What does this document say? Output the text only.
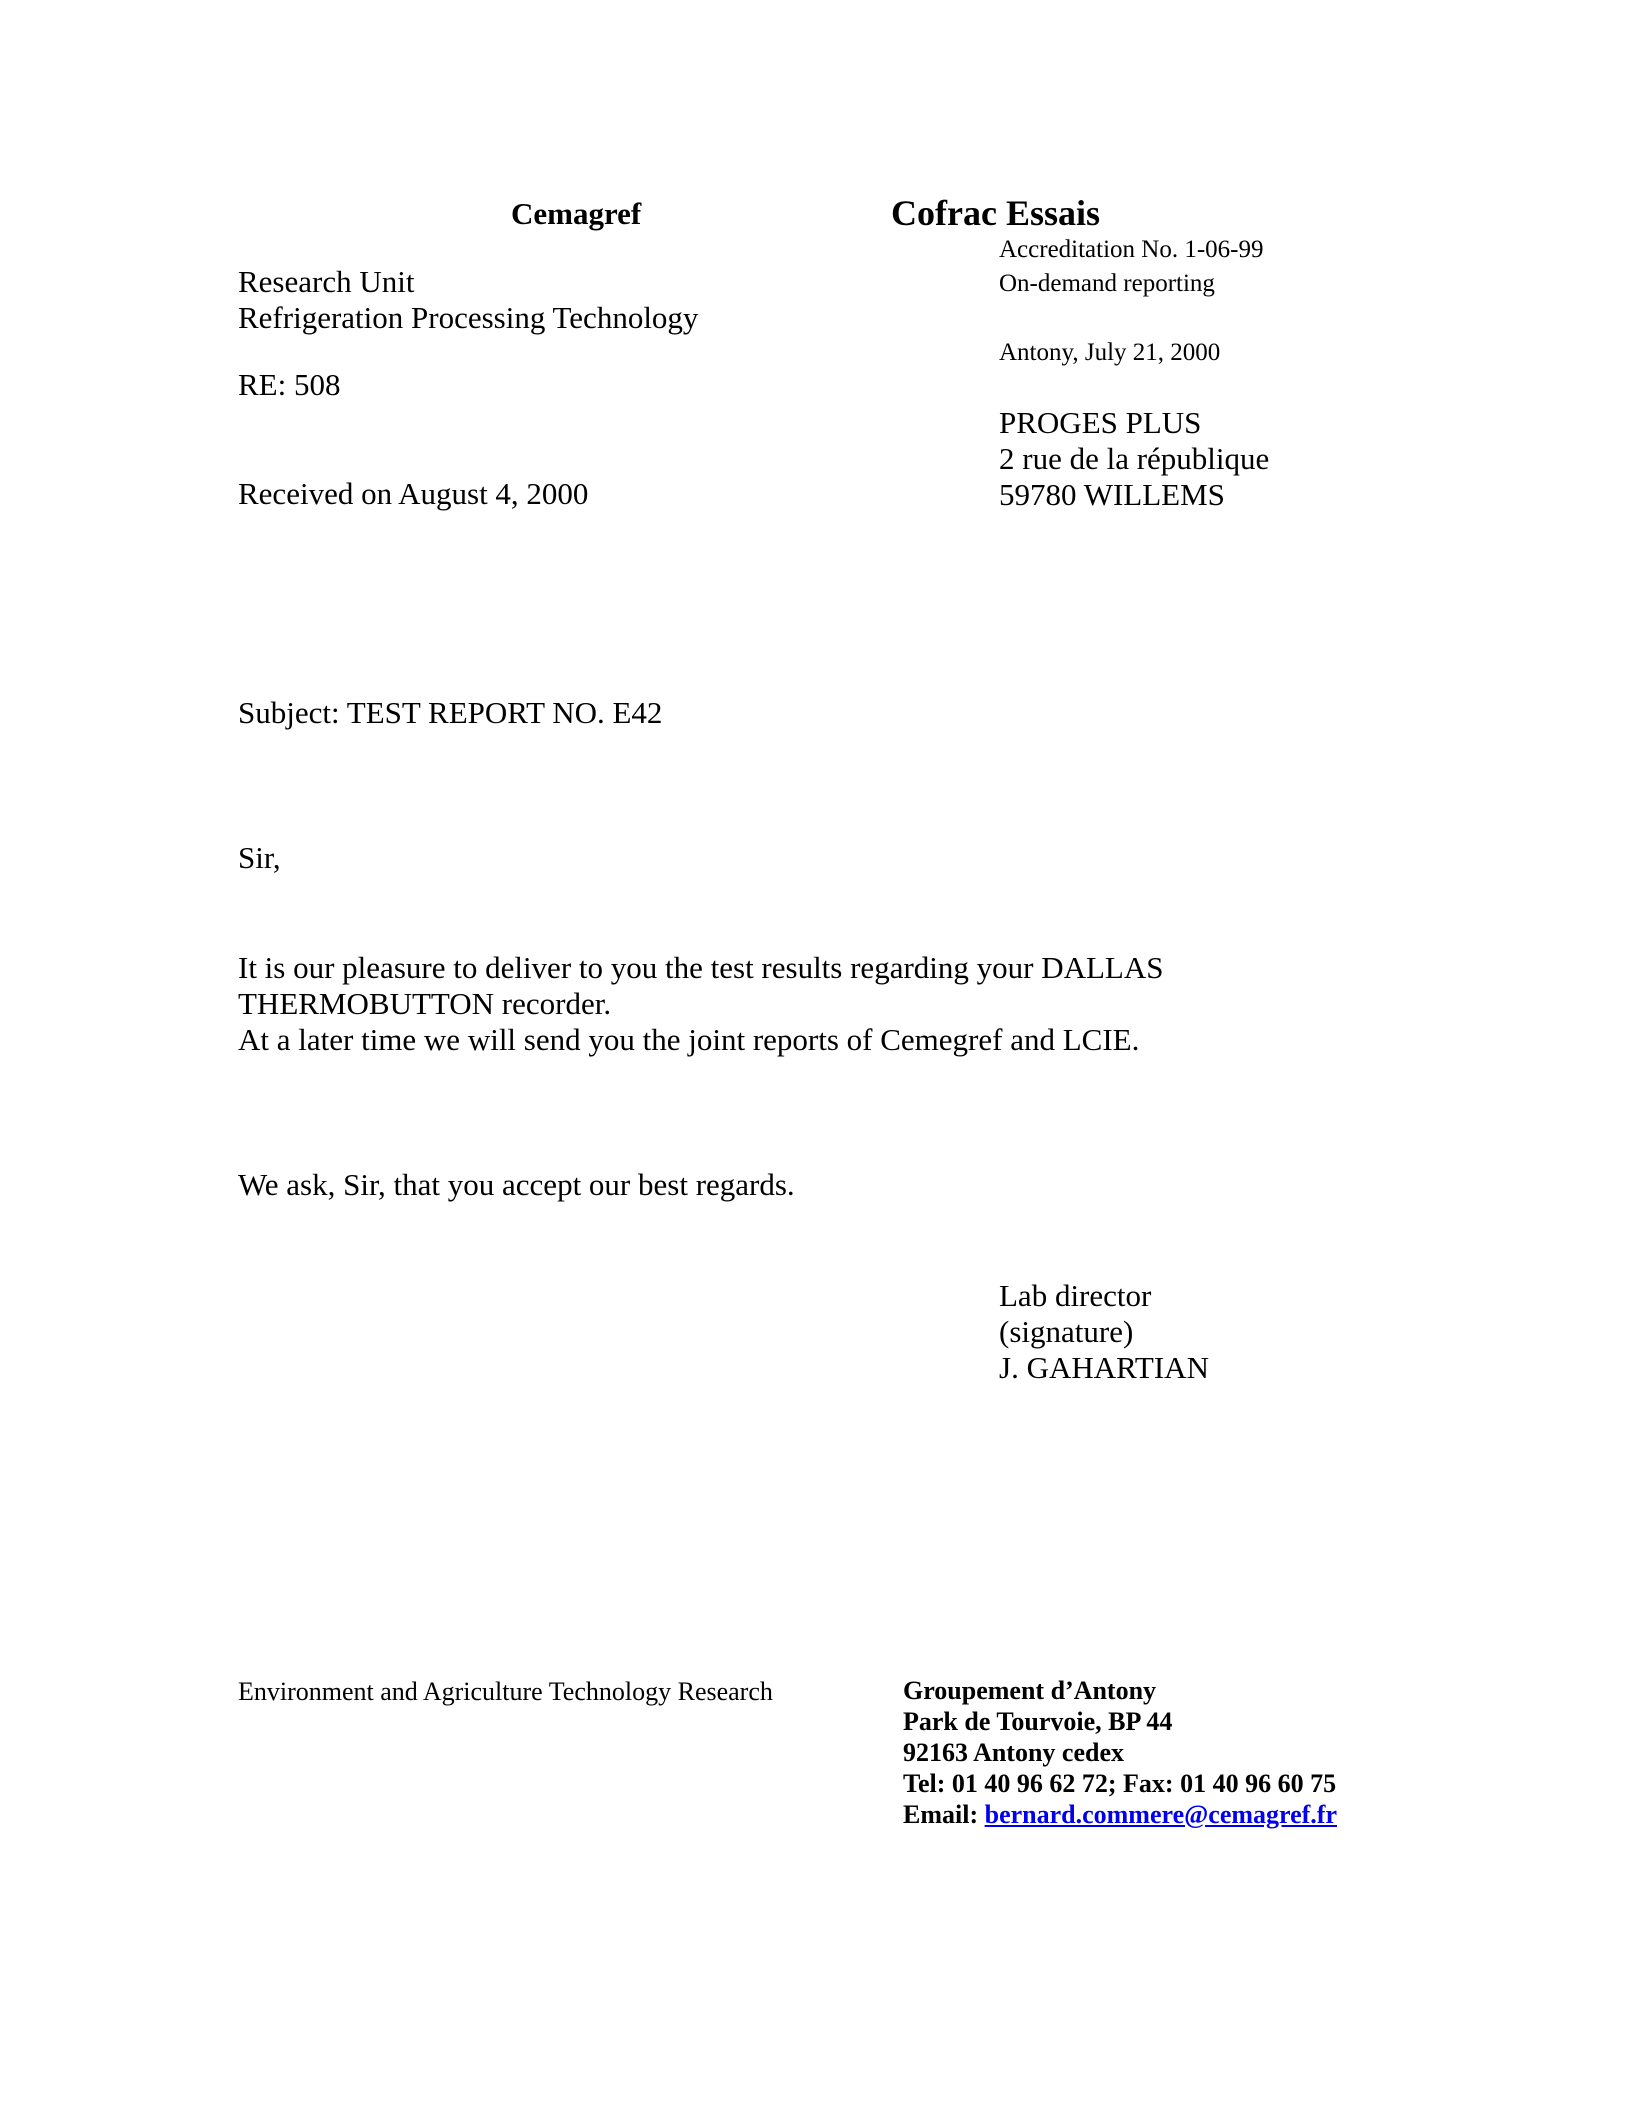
Cemagref
Research Unit
Refrigeration Processing Technology
RE: 508
Received on August 4, 2000
Cofrac Essais
Accreditation No. 1-06-99
On-demand reporting
Antony, July 21, 2000
PROGES PLUS
2 rue de la république
59780 WILLEMS
Subject: TEST REPORT NO. E42
Sir,
It is our pleasure to deliver to you the test results regarding your DALLAS
THERMOBUTTON recorder.
At a later time we will send you the joint reports of Cemegref and LCIE.
We ask, Sir, that you accept our best regards.
Lab director
(signature)
J. GAHARTIAN
Environment and Agriculture Technology Research	Groupement d’Antony
Park de Tourvoie, BP 44
92163 Antony cedex
Tel: 01 40 96 62 72; Fax: 01 40 96 60 75
Email: bernard.commere@cemagref.fr
